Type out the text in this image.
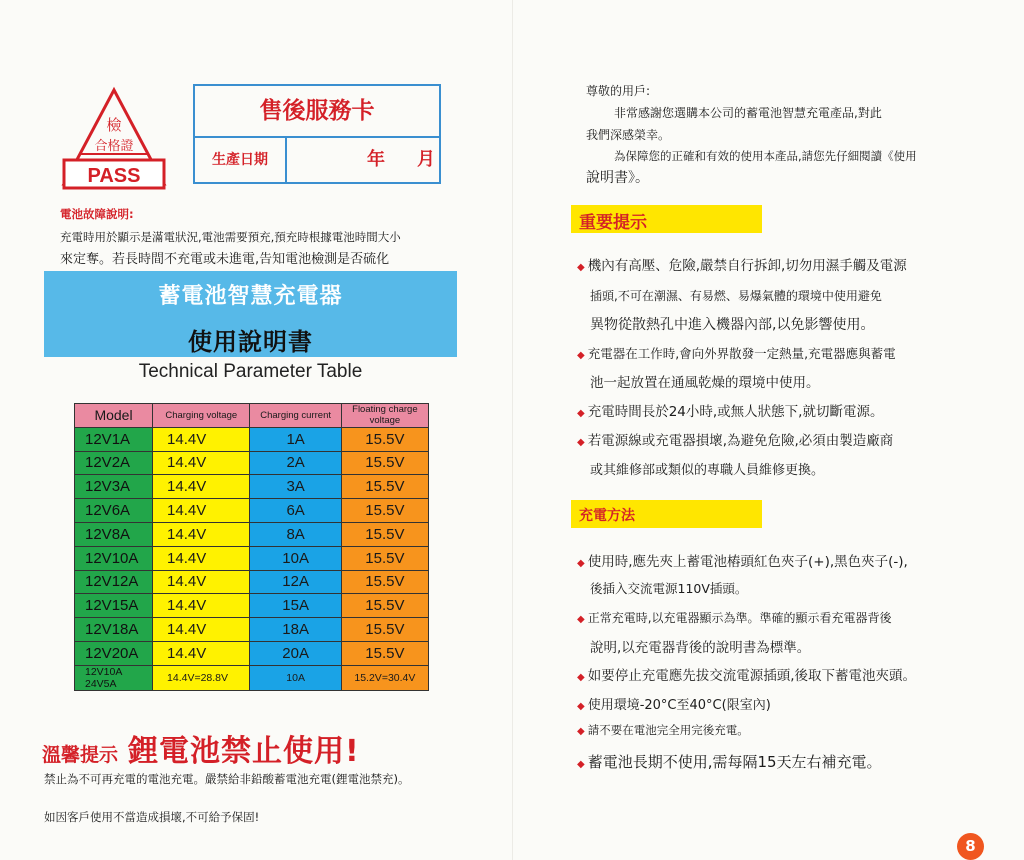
檢
合格證
PASS
售後服務卡
生產日期	年 月
電池故障說明:
充電時用於顯示是滿電狀況,電池需要預充,預充時根據電池時間大小
來定奪。若長時間不充電或未進電,告知電池檢測是否硫化
蓄電池智慧充電器
使用說明書
Technical Parameter Table
Model	Charging voltage	Charging current	Floating charge voltage
12V1A	14.4V	1A	15.5V
12V2A	14.4V	2A	15.5V
12V3A	14.4V	3A	15.5V
12V6A	14.4V	6A	15.5V
12V8A	14.4V	8A	15.5V
12V10A	14.4V	10A	15.5V
12V12A	14.4V	12A	15.5V
12V15A	14.4V	15A	15.5V
12V18A	14.4V	18A	15.5V
12V20A	14.4V	20A	15.5V
12V10A 24V5A	14.4V=28.8V	10A	15.2V=30.4V
溫馨提示 鋰電池禁止使用!
禁止為不可再充電的電池充電。嚴禁給非鉛酸蓄電池充電(鋰電池禁充)。
如因客戶使用不當造成損壞,不可給予保固!
尊敬的用戶:
非常感謝您選購本公司的蓄電池智慧充電產品,對此
我們深感榮幸。
為保障您的正確和有效的使用本產品,請您先仔細閱讀《使用
說明書》。
重要提示
◆ 機內有高壓、危險,嚴禁自行拆卸,切勿用濕手觸及電源
插頭,不可在潮濕、有易燃、易爆氣體的環境中使用避免
異物從散熱孔中進入機器內部,以免影響使用。
◆ 充電器在工作時,會向外界散發一定熱量,充電器應與蓄電
池一起放置在通風乾燥的環境中使用。
◆ 充電時間長於24小時,或無人狀態下,就切斷電源。
◆ 若電源線或充電器損壞,為避免危險,必須由製造廠商
或其維修部或類似的專職人員維修更換。
充電方法
◆ 使用時,應先夾上蓄電池樁頭紅色夾子(+),黑色夾子(-),
後插入交流電源110V插頭。
◆ 正常充電時,以充電器顯示為準。準確的顯示看充電器背後
說明,以充電器背後的說明書為標準。
◆ 如要停止充電應先拔交流電源插頭,後取下蓄電池夾頭。
◆ 使用環境-20°C至40°C(限室內)
◆ 請不要在電池完全用完後充電。
◆ 蓄電池長期不使用,需每隔15天左右補充電。
8
